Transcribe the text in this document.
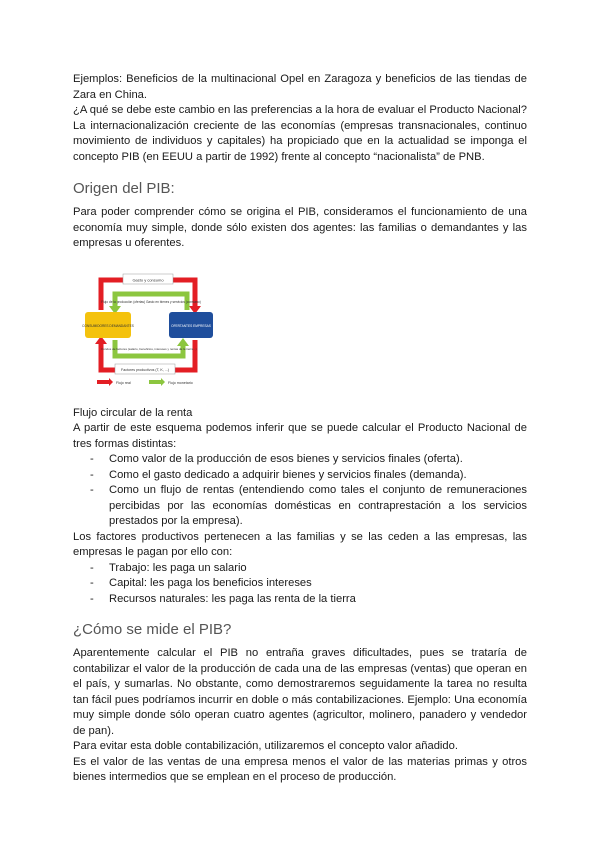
Ejemplos: Beneficios de la multinacional Opel en Zaragoza y beneficios de las tiendas de Zara en China.

¿A qué se debe este cambio en las preferencias a la hora de evaluar el Producto Nacional?

La internacionalización creciente de las economías (empresas transnacionales, continuo movimiento de individuos y capitales) ha propiciado que en la actualidad se imponga el concepto PIB (en EEUU a partir de 1992) frente al concepto “nacionalista” de PNB.

Origen del PIB:

Para poder comprender cómo se origina el PIB, consideramos el funcionamiento de una economía muy simple, donde sólo existen dos agentes: las familias o demandantes y las empresas u oferentes.

Gasto y consumo
Flujo de la producción (ofertas) Gasto en bienes y servicios (consumo)
CONSUMIDORES DEMANDANTES	OFERTANTES EMPRESAS
Fondos de factores (salario, beneficios, intereses y rentas de la tierra...)
Factores productivos (T, K, ...)
Flujo real	Flujo monetario

Flujo circular de la renta

A partir de este esquema podemos inferir que se puede calcular el Producto Nacional de tres formas distintas:

- Como valor de la producción de esos bienes y servicios finales (oferta).
- Como el gasto dedicado a adquirir bienes y servicios finales (demanda).
- Como un flujo de rentas (entendiendo como tales el conjunto de remuneraciones percibidas por las economías domésticas en contraprestación a los servicios prestados por la empresa).

Los factores productivos pertenecen a las familias y se las ceden a las empresas, las empresas le pagan por ello con:

- Trabajo: les paga un salario
- Capital: les paga los beneficios intereses
- Recursos naturales: les paga las renta de la tierra
¿Cómo se mide el PIB?

Aparentemente calcular el PIB no entraña graves dificultades, pues se trataría de contabilizar el valor de la producción de cada una de las empresas (ventas) que operan en el país, y sumarlas. No obstante, como demostraremos seguidamente la tarea no resulta tan fácil pues podríamos incurrir en doble o más contabilizaciones. Ejemplo: Una economía muy simple donde sólo operan cuatro agentes (agricultor, molinero, panadero y vendedor de pan).

Para evitar esta doble contabilización, utilizaremos el concepto valor añadido.

Es el valor de las ventas de una empresa menos el valor de las materias primas y otros bienes intermedios que se emplean en el proceso de producción.
